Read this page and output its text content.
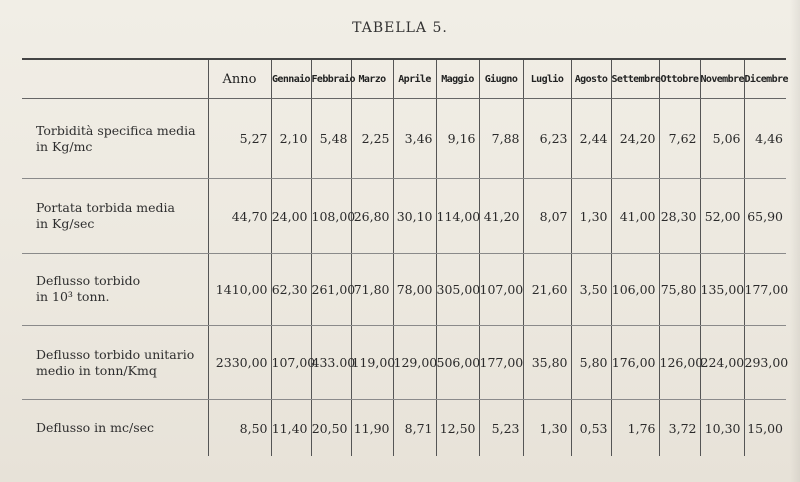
TABELLA 5.
	Anno	Gennaio	Febbraio	Marzo	Aprile	Maggio	Giugno	Luglio	Agosto	Settembre	Ottobre	Novembre	Dicembre
Torbidità specifica media
in Kg/mc	5,27	2,10	5,48	2,25	3,46	9,16	7,88	6,23	2,44	24,20	7,62	5,06	4,46
Portata torbida media
in Kg/sec	44,70	24,00	108,00	26,80	30,10	114,00	41,20	8,07	1,30	41,00	28,30	52,00	65,90
Deflusso torbido
in 10³ tonn.	1410,00	62,30	261,00	71,80	78,00	305,00	107,00	21,60	3,50	106,00	75,80	135,00	177,00
Deflusso torbido unitario
medio in tonn/Kmq	2330,00	107,00	433.00	119,00	129,00	506,00	177,00	35,80	5,80	176,00	126,00	224,00	293,00
Deflusso in mc/sec	8,50	11,40	20,50	11,90	8,71	12,50	5,23	1,30	0,53	1,76	3,72	10,30	15,00
